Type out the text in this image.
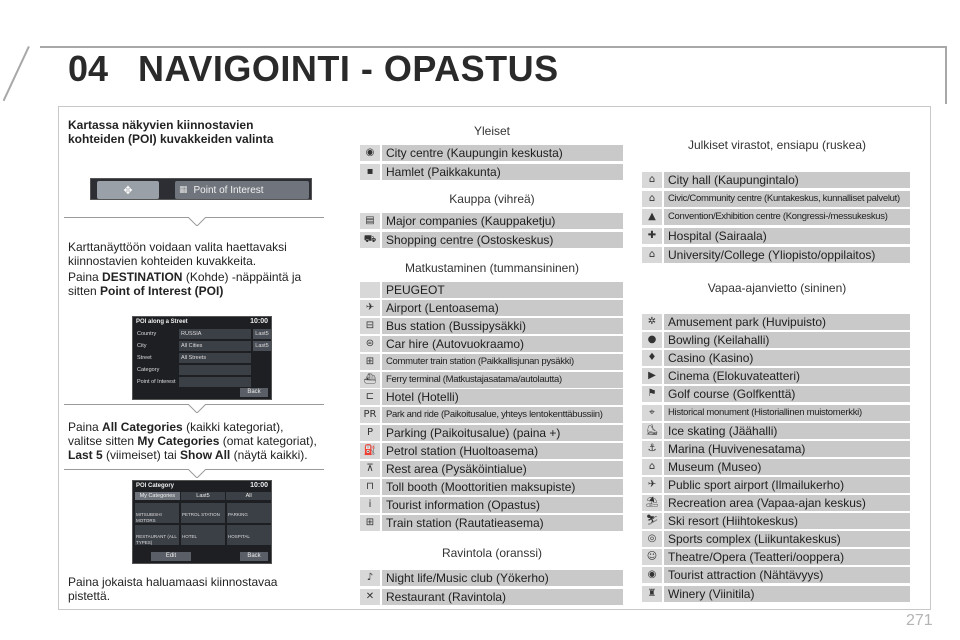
04 NAVIGOINTI - OPASTUS
271
Kartassa näkyvien kiinnostavien
kohteiden (POI) kuvakkeiden valinta
✥	▦ Point of Interest
Karttanäyttöön voidaan valita haettavaksi
kiinnostavien kohteiden kuvakkeita.
Paina DESTINATION (Kohde) -näppäintä ja
sitten Point of Interest (POI)
POI along a Street	10:00
Country	RUSSIA	Last5
City	All Cities	Last5
Street	All Streets
Category
Point of Interest
Back
Paina All Categories (kaikki kategoriat),
valitse sitten My Categories (omat kategoriat),
Last 5 (viimeiset) tai Show All (näytä kaikki).
POI Category	10:00
My Categories	Last5	All
MITSUBISHI MOTORS
PETROL STATION	PARKING
RESTAURANT (ALL TYPES)
HOTEL	HOSPITAL
Edit	Back
Paina jokaista haluamaasi kiinnostavaa
pistettä.
Yleiset
◉ City centre (Kaupungin keskusta)
▪	Hamlet (Paikkakunta)
Kauppa (vihreä)
▤ Major companies (Kauppaketju)
⛟ Shopping centre (Ostoskeskus)
Matkustaminen (tummansininen)
PEUGEOT
✈ Airport (Lentoasema)
⊟ Bus station (Bussipysäkki)
⊜ Car hire (Autovuokraamo)
⊞	Commuter train station (Paikkallisjunan pysäkki)
⛴	Ferry terminal (Matkustajasatama/autolautta)
⊏ Hotel (Hotelli)
PR	Park and ride (Paikoitusalue, yhteys lentokenttäbussiin)
P	Parking (Paikoitusalue) (paina +)
⛽ Petrol station (Huoltoasema)
⊼	Rest area (Pysäköintialue)
⊓	Toll booth (Moottoritien maksupiste)
i	Tourist information (Opastus)
⊞ Train station (Rautatieasema)
Ravintola (oranssi)
♪	Night life/Music club (Yökerho)
✕ Restaurant (Ravintola)
Julkiset virastot, ensiapu (ruskea)
⌂	City hall (Kaupungintalo)
⌂	Civic/Community centre (Kuntakeskus, kunnalliset palvelut)
▲	Convention/Exhibition centre (Kongressi-/messukeskus)
✚ Hospital (Sairaala)
⌂	University/College (Yliopisto/oppilaitos)
Vapaa-ajanvietto (sininen)
✲ Amusement park (Huvipuisto)
● Bowling (Keilahalli)
♦ Casino (Kasino)
▶	Cinema (Elokuvateatteri)
⚑ Golf course (Golfkenttä)
⌖	Historical monument (Historiallinen muistomerkki)
⛸ Ice skating (Jäähalli)
⚓ Marina (Huvivenesatama)
⌂	Museum (Museo)
✈ Public sport airport (Ilmailukerho)
⛱ Recreation area (Vapaa-ajan keskus)
⛷ Ski resort (Hiihtokeskus)
◎ Sports complex (Liikuntakeskus)
☺ Theatre/Opera (Teatteri/ooppera)
◉ Tourist attraction (Nähtävyys)
♜ Winery (Viinitila)
